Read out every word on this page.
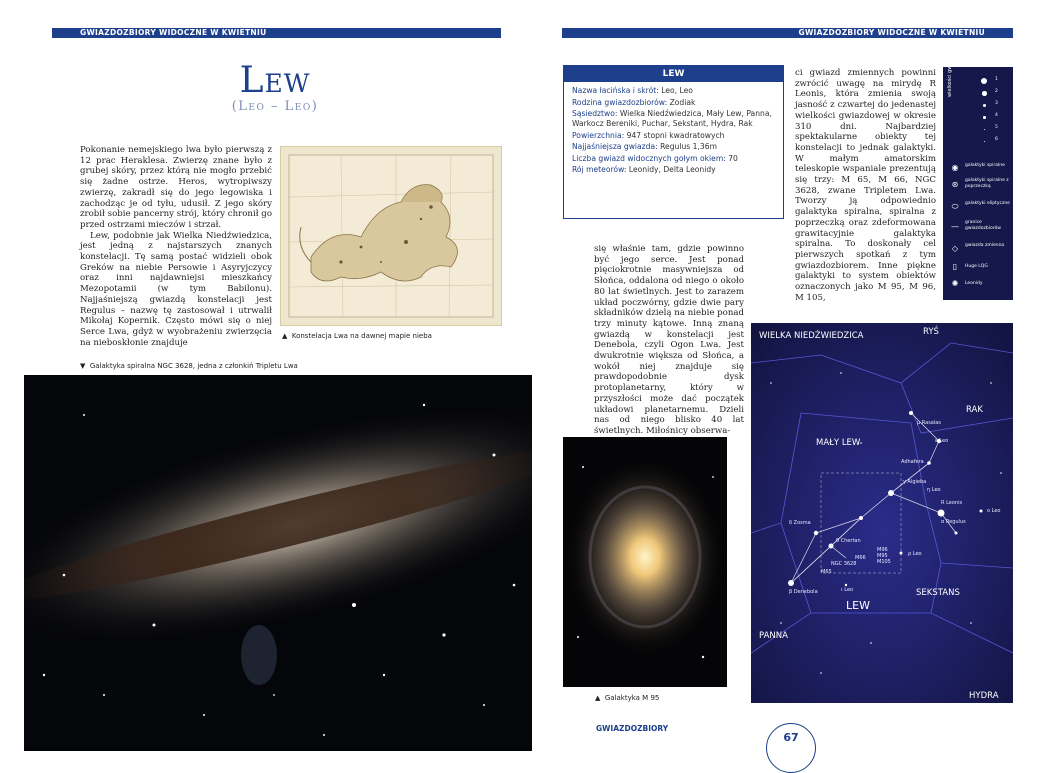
GWIAZDOZBIORY WIDOCZNE W KWIETNIU	GWIAZDOZBIORY WIDOCZNE W KWIETNIU
Lew
(Leo – Leo)

Pokonanie nemejskiego lwa było pierwszą z 12 prac Heraklesa. Zwierzę znane było z grubej skóry, przez którą nie mogło przebić się żadne ostrze. Heros, wytropiwszy zwierzę, zakradł się do jego legowiska i zachodząc je od tyłu, udusił. Z jego skóry zrobił sobie pancerny strój, który chronił go przed ostrzami mieczów i strzał.

Lew, podobnie jak Wielka Niedźwiedzica, jest jedną z najstarszych znanych konstelacji. Tę samą postać widzieli obok Greków na niebie Persowie i Asyryjczycy oraz inni najdawniejsi mieszkańcy Mezopotamii (w tym Babilonu). Najjaśniejszą gwiazdą konstelacji jest Regulus – nazwę tę zastosował i utrwalił Mikołaj Kopernik. Często mówi się o niej Serce Lwa, gdyż w wyobrażeniu zwierzęcia na nieboskłonie znajduje

▲ Konstelacja Lwa na dawnej mapie nieba
▼ Galaktyka spiralna NGC 3628, jedna z członkiń Tripletu Lwa
LEW
Nazwa łacińska i skrót: Leo, Leo
Rodzina gwiazdozbiorów: Zodiak
Sąsiedztwo: Wielka Niedźwiedzica, Mały Lew, Panna, Warkocz Bereniki, Puchar, Sekstant, Hydra, Rak
Powierzchnia: 947 stopni kwadratowych
Najjaśniejsza gwiazda: Regulus 1,36m
Liczba gwiazd widocznych gołym okiem: 70
Rój meteorów: Leonidy, Delta Leonidy
ci gwiazd zmiennych powinni zwrócić uwagę na mirydę R Leonis, która zmienia swoją jasność z czwartej do jedenastej wielkości gwiazdowej w okresie 310 dni. Najbardziej spektakularne obiekty tej konstelacji to jednak galaktyki. W małym amatorskim teleskopie wspaniale prezentują się trzy: M 65, M 66, NGC 3628, zwane Tripletem Lwa. Tworzy ją odpowiednio galaktyka spiralna, spiralna z poprzeczką oraz zdeformowana grawitacyjnie galaktyka spiralna. To doskonały cel pierwszych spotkań z tym gwiazdozbiorem. Inne piękne galaktyki to system obiektów oznaczonych jako M 95, M 96, M 105,
się właśnie tam, gdzie powinno być jego serce. Jest ponad pięciokrotnie masywniejsza od Słońca, oddalona od niego o około 80 lat świetlnych. Jest to zarazem układ poczwórny, gdzie dwie pary składników dzielą na niebie ponad trzy minuty kątowe. Inną znaną gwiazdą w konstelacji jest Denebola, czyli Ogon Lwa. Jest dwukrotnie większa od Słońca, a wokół niej znajduje się prawdopodobnie dysk protoplanetarny, który w przyszłości może dać początek układowi planetarnemu. Dzieli nas od niego blisko 40 lat świetlnych. Miłośnicy obserwa-
wielkości gwiazdowe	1
2
3
4
5
6
◉	galaktyki spiralne
⊛	galaktyki spiralne z poprzeczką
⬭	galaktyki eliptyczne
—	granice gwiazdozbiorów
◇	gwiazda zmienna
▯	Huge LQG
✺	Leonidy
WIELKA NIEDŹWIEDZICA	RYŚ
RAK
MAŁY LEW
LEW
SEKSTANS
PANNA
HYDRA
μ Rasalas
ε Leo
Adhafera
γ Algieba
η Leo
R Leonis
α Regulus
ο Leo
δ Zosma
θ Chertan
ρ Leo
NGC 3628
M65
M66 M95
M96
M105
β Denebola	ι Leo
▲ Galaktyka M 95
GWIAZDOZBIORY
67
